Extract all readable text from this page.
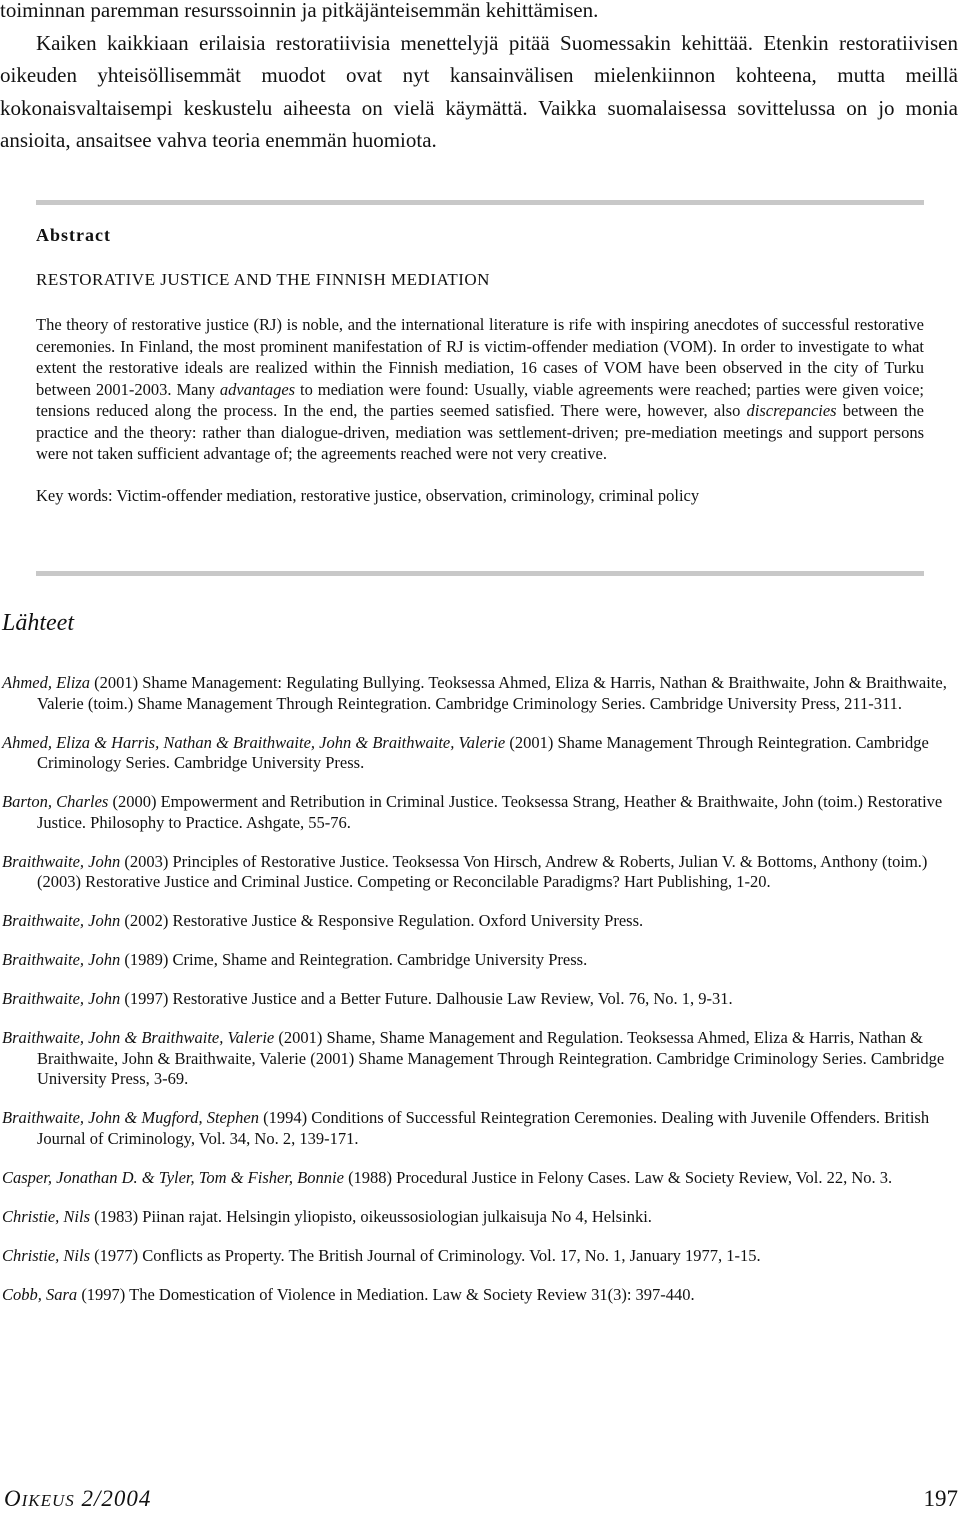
toiminnan paremman resurssoinnin ja pitkäjänteisemmän kehittämisen.

Kaiken kaikkiaan erilaisia restoratiivisia menettelyjä pitää Suomessakin kehittää. Etenkin restoratiivisen oikeuden yhteisöllisemmät muodot ovat nyt kansainvälisen mielenkiinnon kohteena, mutta meillä kokonaisvaltaisempi keskustelu aiheesta on vielä käymättä. Vaikka suomalaisessa sovittelussa on jo monia ansioita, ansaitsee vahva teoria enemmän huomiota.

Abstract

RESTORATIVE JUSTICE AND THE FINNISH MEDIATION

The theory of restorative justice (RJ) is noble, and the international literature is rife with inspiring anecdotes of successful restorative ceremonies. In Finland, the most prominent manifestation of RJ is victim-offender mediation (VOM). In order to investigate to what extent the restorative ideals are realized within the Finnish mediation, 16 cases of VOM have been observed in the city of Turku between 2001-2003. Many advantages to mediation were found: Usually, viable agreements were reached; parties were given voice; tensions reduced along the process. In the end, the parties seemed satisfied. There were, however, also discrepancies between the practice and the theory: rather than dialogue-driven, mediation was settlement-driven; pre-mediation meetings and support persons were not taken sufficient advantage of; the agreements reached were not very creative.

Key words: Victim-offender mediation, restorative justice, observation, criminology, criminal policy

Lähteet
Ahmed, Eliza (2001) Shame Management: Regulating Bullying. Teoksessa Ahmed, Eliza & Harris, Nathan & Braithwaite, John & Braithwaite, Valerie (toim.) Shame Management Through Reintegration. Cambridge Criminology Series. Cambridge University Press, 211-311.
Ahmed, Eliza & Harris, Nathan & Braithwaite, John & Braithwaite, Valerie (2001) Shame Management Through Reintegration. Cambridge Criminology Series. Cambridge University Press.
Barton, Charles (2000) Empowerment and Retribution in Criminal Justice. Teoksessa Strang, Heather & Braithwaite, John (toim.) Restorative Justice. Philosophy to Practice. Ashgate, 55-76.
Braithwaite, John (2003) Principles of Restorative Justice. Teoksessa Von Hirsch, Andrew & Roberts, Julian V. & Bottoms, Anthony (toim.) (2003) Restorative Justice and Criminal Justice. Competing or Reconcilable Paradigms? Hart Publishing, 1-20.
Braithwaite, John (2002) Restorative Justice & Responsive Regulation. Oxford University Press.
Braithwaite, John (1989) Crime, Shame and Reintegration. Cambridge University Press.
Braithwaite, John (1997) Restorative Justice and a Better Future. Dalhousie Law Review, Vol. 76, No. 1, 9-31.
Braithwaite, John & Braithwaite, Valerie (2001) Shame, Shame Management and Regulation. Teoksessa Ahmed, Eliza & Harris, Nathan & Braithwaite, John & Braithwaite, Valerie (2001) Shame Management Through Reintegration. Cambridge Criminology Series. Cambridge University Press, 3-69.
Braithwaite, John & Mugford, Stephen (1994) Conditions of Successful Reintegration Ceremonies. Dealing with Juvenile Offenders. British Journal of Criminology, Vol. 34, No. 2, 139-171.
Casper, Jonathan D. & Tyler, Tom & Fisher, Bonnie (1988) Procedural Justice in Felony Cases. Law & Society Review, Vol. 22, No. 3.
Christie, Nils (1983) Piinan rajat. Helsingin yliopisto, oikeussosiologian julkaisuja No 4, Helsinki.
Christie, Nils (1977) Conflicts as Property. The British Journal of Criminology. Vol. 17, No. 1, January 1977, 1-15.
Cobb, Sara (1997) The Domestication of Violence in Mediation. Law & Society Review 31(3): 397-440.
OIKEUS 2/2004	197
